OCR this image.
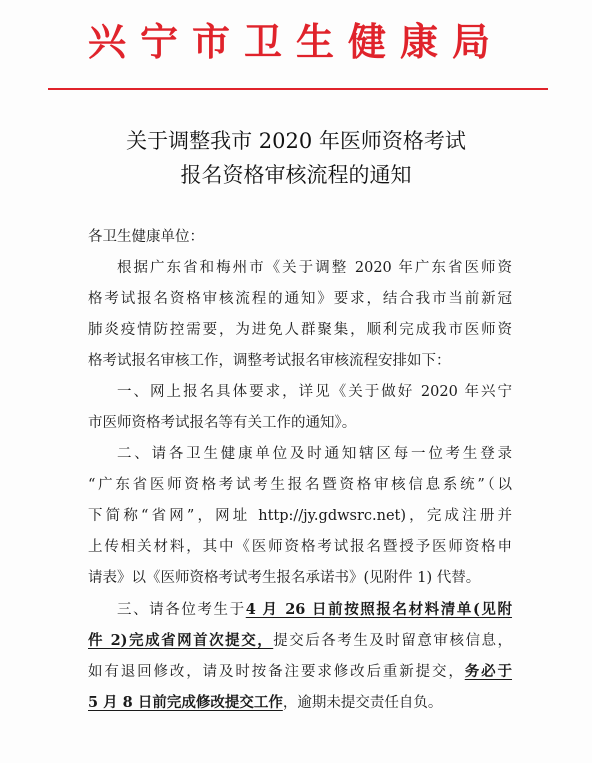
兴宁市卫生健康局
关于调整我市 2020 年医师资格考试
报名资格审核流程的通知
各卫生健康单位：
根据广东省和梅州市《关于调整 2020 年广东省医师资
格考试报名资格审核流程的通知》要求，结合我市当前新冠
肺炎疫情防控需要，为进免人群聚集，顺利完成我市医师资
格考试报名审核工作，调整考试报名审核流程安排如下：
一、网上报名具体要求，详见《关于做好 2020 年兴宁
市医师资格考试报名等有关工作的通知》。
二、请各卫生健康单位及时通知辖区每一位考生登录
“广东省医师资格考试考生报名暨资格审核信息系统”（以
下简称“省网”，网址 http://jy.gdwsrc.net)，完成注册并
上传相关材料，其中《医师资格考试报名暨授予医师资格申
请表》以《医师资格考试考生报名承诺书》(见附件 1) 代替。
三、请各位考生于4 月 26 日前按照报名材料清单(见附
件 2)完成省网首次提交，提交后各考生及时留意审核信息，
如有退回修改，请及时按备注要求修改后重新提交，务必于
5 月 8 日前完成修改提交工作，逾期未提交责任自负。
